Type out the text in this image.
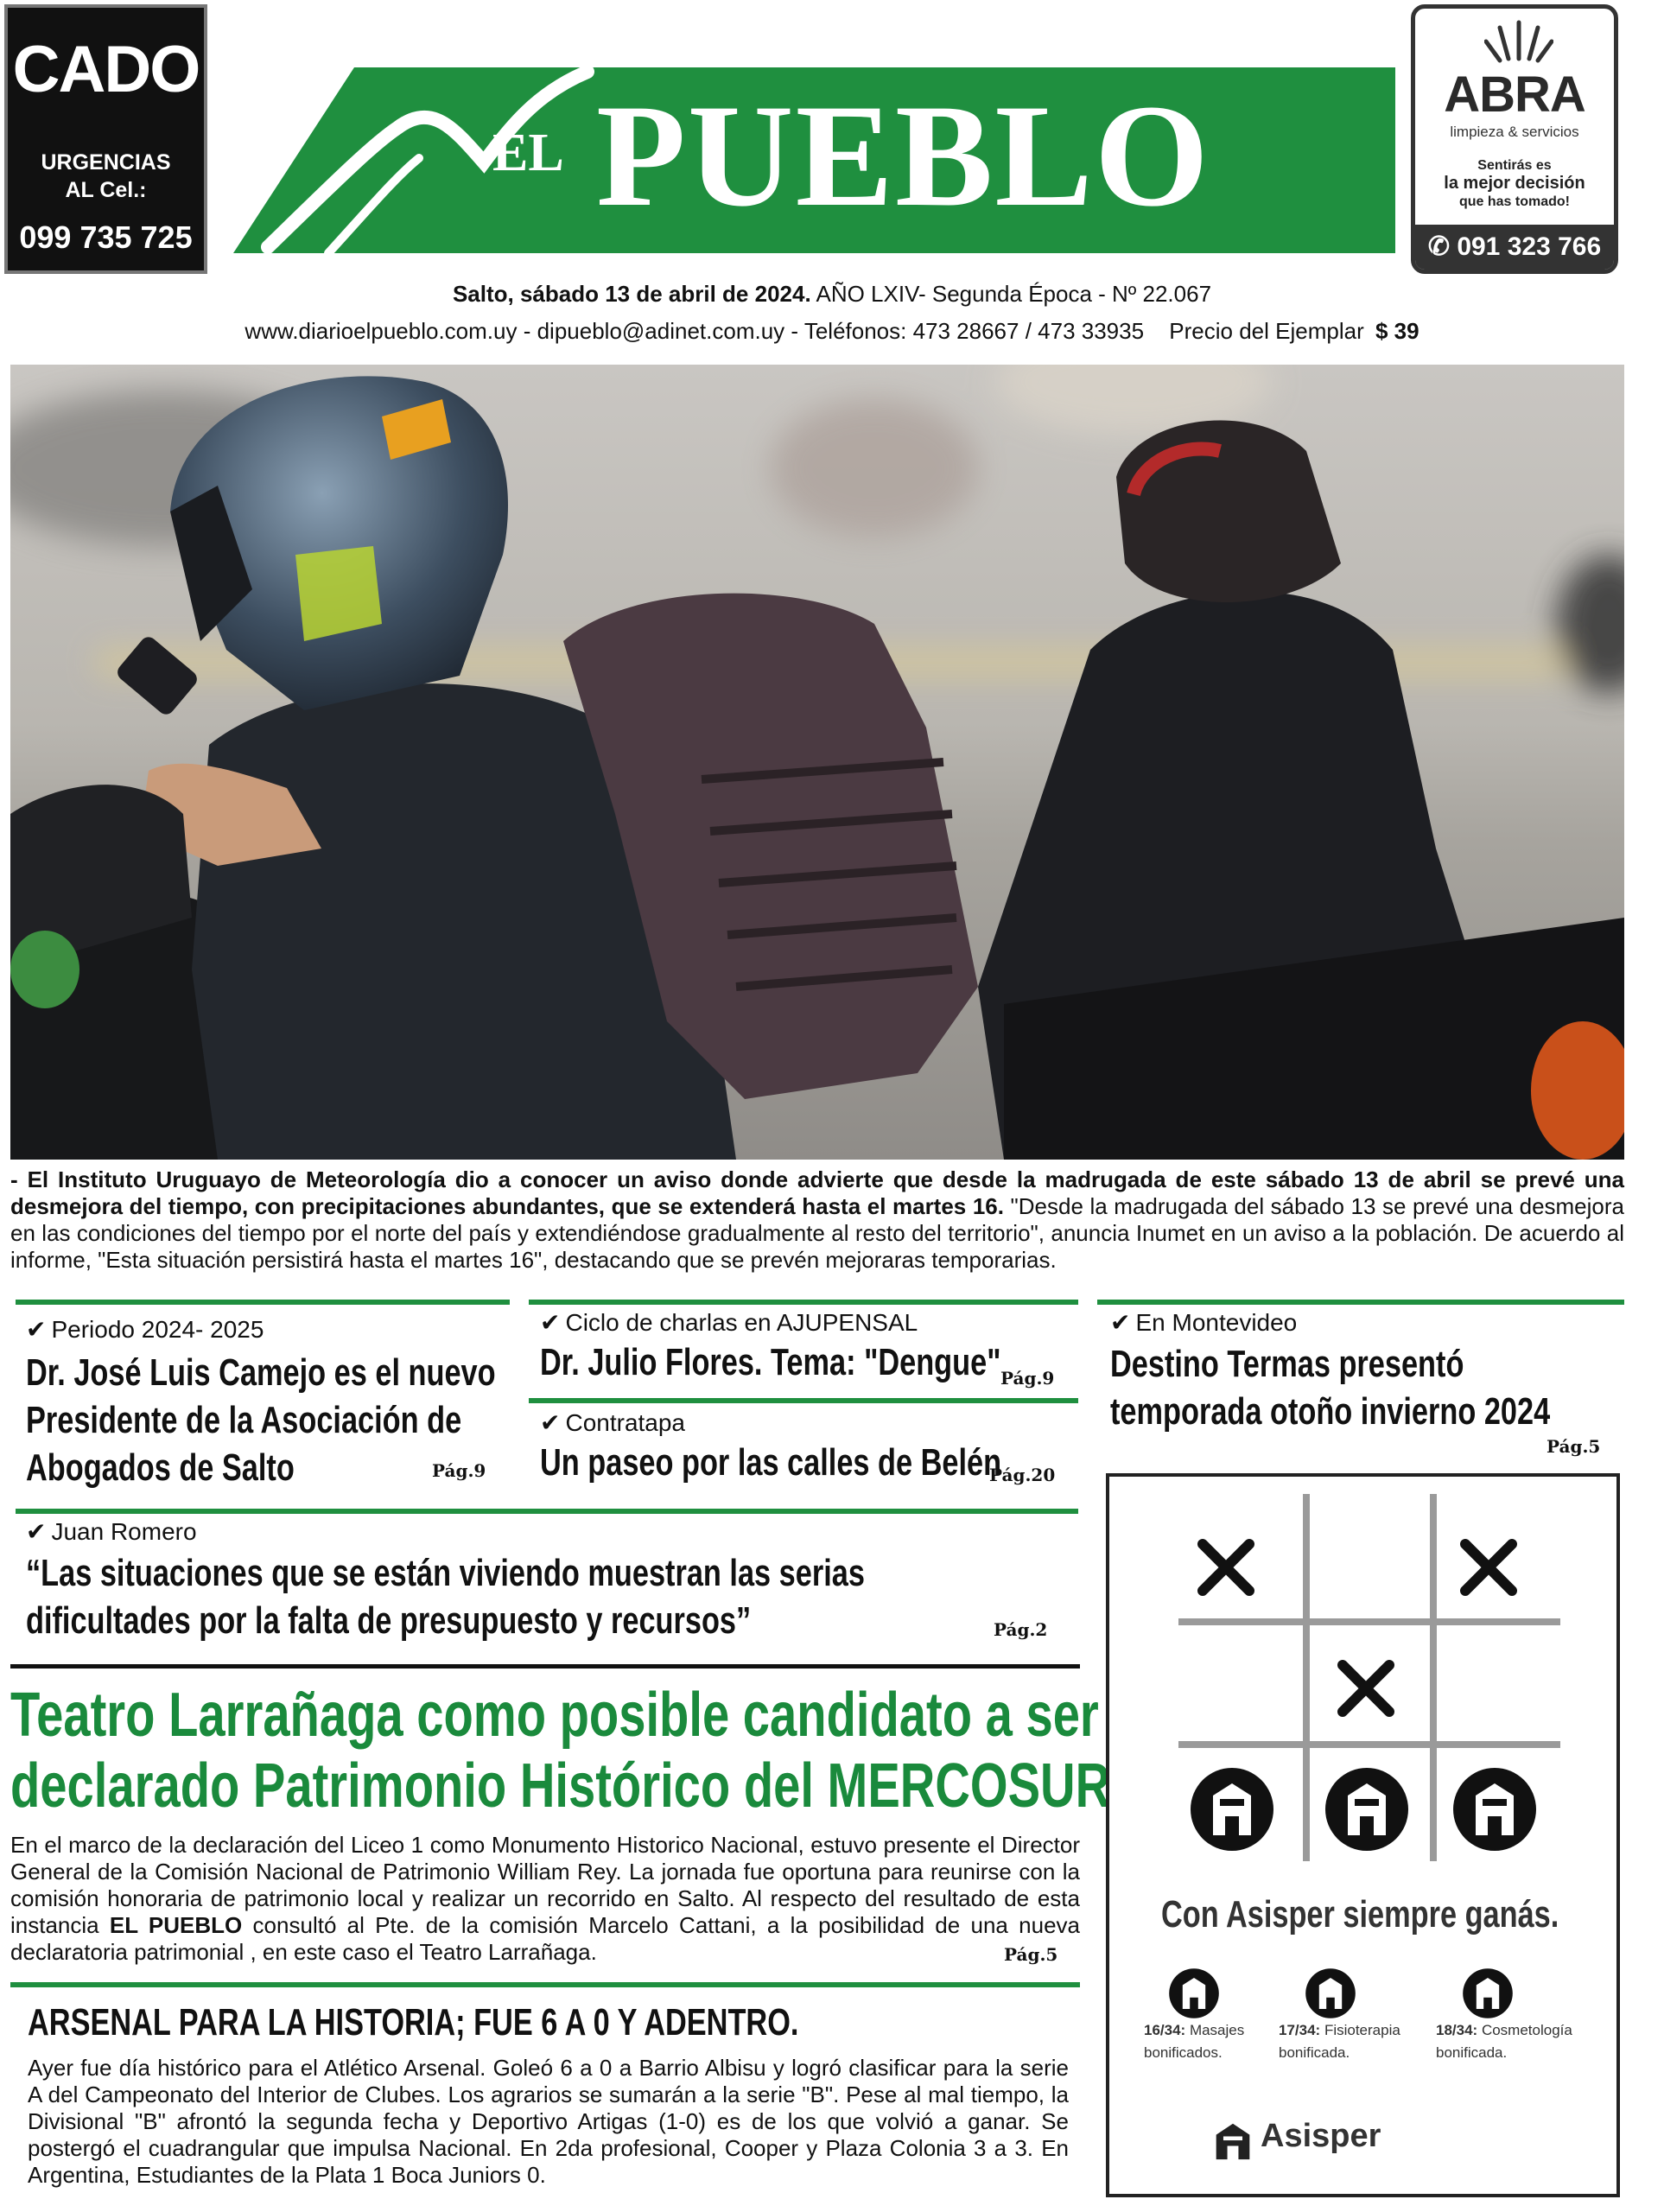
CADO
URGENCIAS
AL Cel.:
099 735 725
EL PUEBLO	ABRA
limpieza & servicios
Sentirás es
la mejor decisión
que has tomado!
✆ 091 323 766
Salto, sábado 13 de abril de 2024. AÑO LXIV- Segunda Época - Nº 22.067
www.diarioelpueblo.com.uy - dipueblo@adinet.com.uy - Teléfonos: 473 28667 / 473 33935 Precio del Ejemplar $ 39
- El Instituto Uruguayo de Meteorología dio a conocer un aviso donde advierte que desde la madrugada de este sábado 13 de abril se prevé una desmejora del tiempo, con precipitaciones abundantes, que se extenderá hasta el martes 16. "Desde la madrugada del sábado 13 se prevé una desmejora en las condiciones del tiempo por el norte del país y extendiéndose gradualmente al resto del territorio", anuncia Inumet en un aviso a la población. De acuerdo al informe, "Esta situación persistirá hasta el martes 16", destacando que se prevén mejoraras temporarias.
✔ Periodo 2024- 2025
Dr. José Luis Camejo es el nuevo
Presidente de la Asociación de
Abogados de Salto	Pág.9
✔ Ciclo de charlas en AJUPENSAL
Dr. Julio Flores. Tema: "Dengue" Pág.9
✔ Contratapa
Un paseo por las calles de Belén
Pág.20
✔ En Montevideo
Destino Termas presentó
temporada otoño invierno 2024
Pág.5
✔ Juan Romero
“Las situaciones que se están viviendo muestran las serias
dificultades por la falta de presupuesto y recursos”	Pág.2
Teatro Larrañaga como posible candidato a ser
declarado Patrimonio Histórico del MERCOSUR
En el marco de la declaración del Liceo 1 como Monumento Historico Nacional, estuvo presente el Director General de la Comisión Nacional de Patrimonio William Rey. La jornada fue oportuna para reunirse con la comisión honoraria de patrimonio local y realizar un recorrido en Salto. Al respecto del resultado de esta instancia EL PUEBLO consultó al Pte. de la comisión Marcelo Cattani, a la posibilidad de una nueva declaratoria patrimonial , en este caso el Teatro Larrañaga.	Pág.5
ARSENAL PARA LA HISTORIA; FUE 6 A 0 Y ADENTRO.
Ayer fue día histórico para el Atlético Arsenal. Goleó 6 a 0 a Barrio Albisu y logró clasificar para la serie A del Campeonato del Interior de Clubes. Los agrarios se sumarán a la serie "B". Pese al mal tiempo, la Divisional "B" afrontó la segunda fecha y Deportivo Artigas (1-0) es de los que volvió a ganar. Se postergó el cuadrangular que impulsa Nacional. En 2da profesional, Cooper y Plaza Colonia 3 a 3. En Argentina, Estudiantes de la Plata 1 Boca Juniors 0.
Con Asisper siempre ganás.
16/34: Masajes
bonificados.
17/34: Fisioterapia
bonificada.
18/34: Cosmetología
bonificada.
Asisper
